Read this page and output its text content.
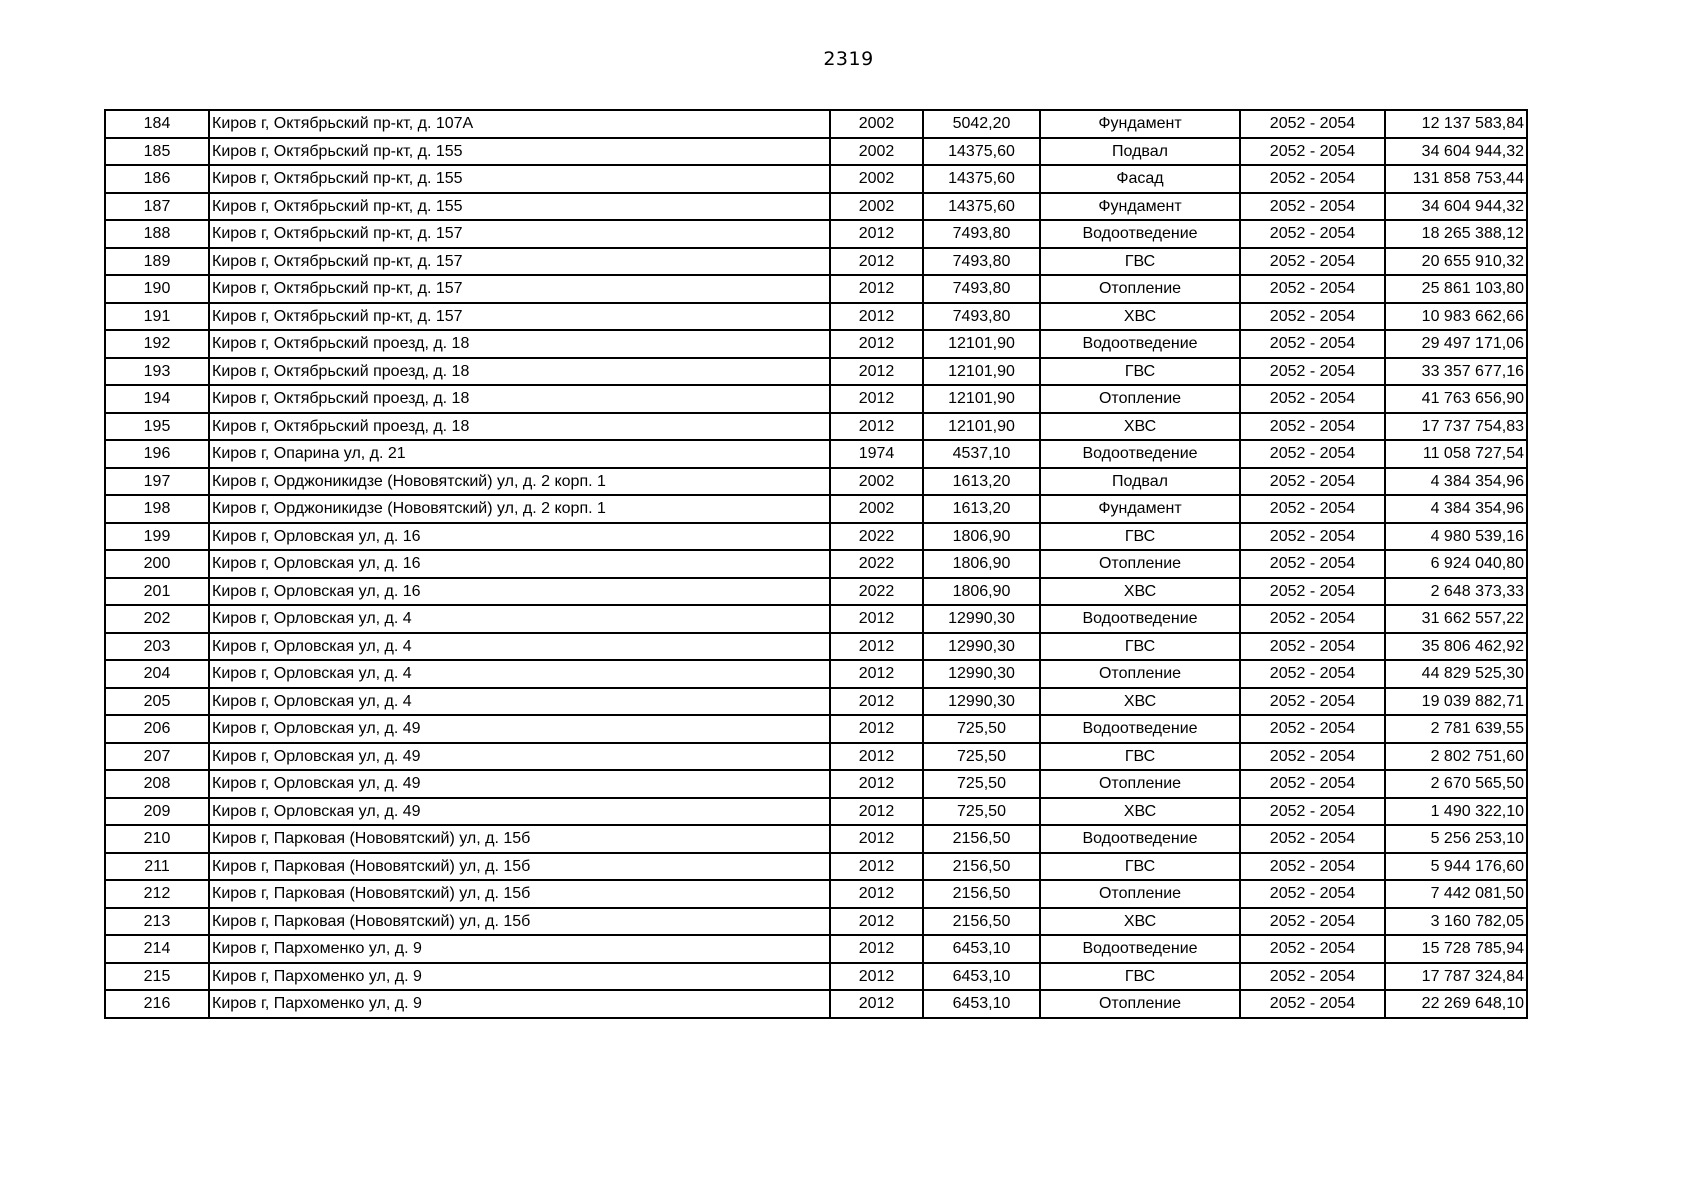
2319
184	Киров г, Октябрьский пр-кт, д. 107А	2002	5042,20	Фундамент	2052 - 2054	12 137 583,84
185	Киров г, Октябрьский пр-кт, д. 155	2002	14375,60	Подвал	2052 - 2054	34 604 944,32
186	Киров г, Октябрьский пр-кт, д. 155	2002	14375,60	Фасад	2052 - 2054	131 858 753,44
187	Киров г, Октябрьский пр-кт, д. 155	2002	14375,60	Фундамент	2052 - 2054	34 604 944,32
188	Киров г, Октябрьский пр-кт, д. 157	2012	7493,80	Водоотведение	2052 - 2054	18 265 388,12
189	Киров г, Октябрьский пр-кт, д. 157	2012	7493,80	ГВС	2052 - 2054	20 655 910,32
190	Киров г, Октябрьский пр-кт, д. 157	2012	7493,80	Отопление	2052 - 2054	25 861 103,80
191	Киров г, Октябрьский пр-кт, д. 157	2012	7493,80	ХВС	2052 - 2054	10 983 662,66
192	Киров г, Октябрьский проезд, д. 18	2012	12101,90	Водоотведение	2052 - 2054	29 497 171,06
193	Киров г, Октябрьский проезд, д. 18	2012	12101,90	ГВС	2052 - 2054	33 357 677,16
194	Киров г, Октябрьский проезд, д. 18	2012	12101,90	Отопление	2052 - 2054	41 763 656,90
195	Киров г, Октябрьский проезд, д. 18	2012	12101,90	ХВС	2052 - 2054	17 737 754,83
196	Киров г, Опарина ул, д. 21	1974	4537,10	Водоотведение	2052 - 2054	11 058 727,54
197	Киров г, Орджоникидзе (Нововятский) ул, д. 2 корп. 1	2002	1613,20	Подвал	2052 - 2054	4 384 354,96
198	Киров г, Орджоникидзе (Нововятский) ул, д. 2 корп. 1	2002	1613,20	Фундамент	2052 - 2054	4 384 354,96
199	Киров г, Орловская ул, д. 16	2022	1806,90	ГВС	2052 - 2054	4 980 539,16
200	Киров г, Орловская ул, д. 16	2022	1806,90	Отопление	2052 - 2054	6 924 040,80
201	Киров г, Орловская ул, д. 16	2022	1806,90	ХВС	2052 - 2054	2 648 373,33
202	Киров г, Орловская ул, д. 4	2012	12990,30	Водоотведение	2052 - 2054	31 662 557,22
203	Киров г, Орловская ул, д. 4	2012	12990,30	ГВС	2052 - 2054	35 806 462,92
204	Киров г, Орловская ул, д. 4	2012	12990,30	Отопление	2052 - 2054	44 829 525,30
205	Киров г, Орловская ул, д. 4	2012	12990,30	ХВС	2052 - 2054	19 039 882,71
206	Киров г, Орловская ул, д. 49	2012	725,50	Водоотведение	2052 - 2054	2 781 639,55
207	Киров г, Орловская ул, д. 49	2012	725,50	ГВС	2052 - 2054	2 802 751,60
208	Киров г, Орловская ул, д. 49	2012	725,50	Отопление	2052 - 2054	2 670 565,50
209	Киров г, Орловская ул, д. 49	2012	725,50	ХВС	2052 - 2054	1 490 322,10
210	Киров г, Парковая (Нововятский) ул, д. 15б	2012	2156,50	Водоотведение	2052 - 2054	5 256 253,10
211	Киров г, Парковая (Нововятский) ул, д. 15б	2012	2156,50	ГВС	2052 - 2054	5 944 176,60
212	Киров г, Парковая (Нововятский) ул, д. 15б	2012	2156,50	Отопление	2052 - 2054	7 442 081,50
213	Киров г, Парковая (Нововятский) ул, д. 15б	2012	2156,50	ХВС	2052 - 2054	3 160 782,05
214	Киров г, Пархоменко ул, д. 9	2012	6453,10	Водоотведение	2052 - 2054	15 728 785,94
215	Киров г, Пархоменко ул, д. 9	2012	6453,10	ГВС	2052 - 2054	17 787 324,84
216	Киров г, Пархоменко ул, д. 9	2012	6453,10	Отопление	2052 - 2054	22 269 648,10
